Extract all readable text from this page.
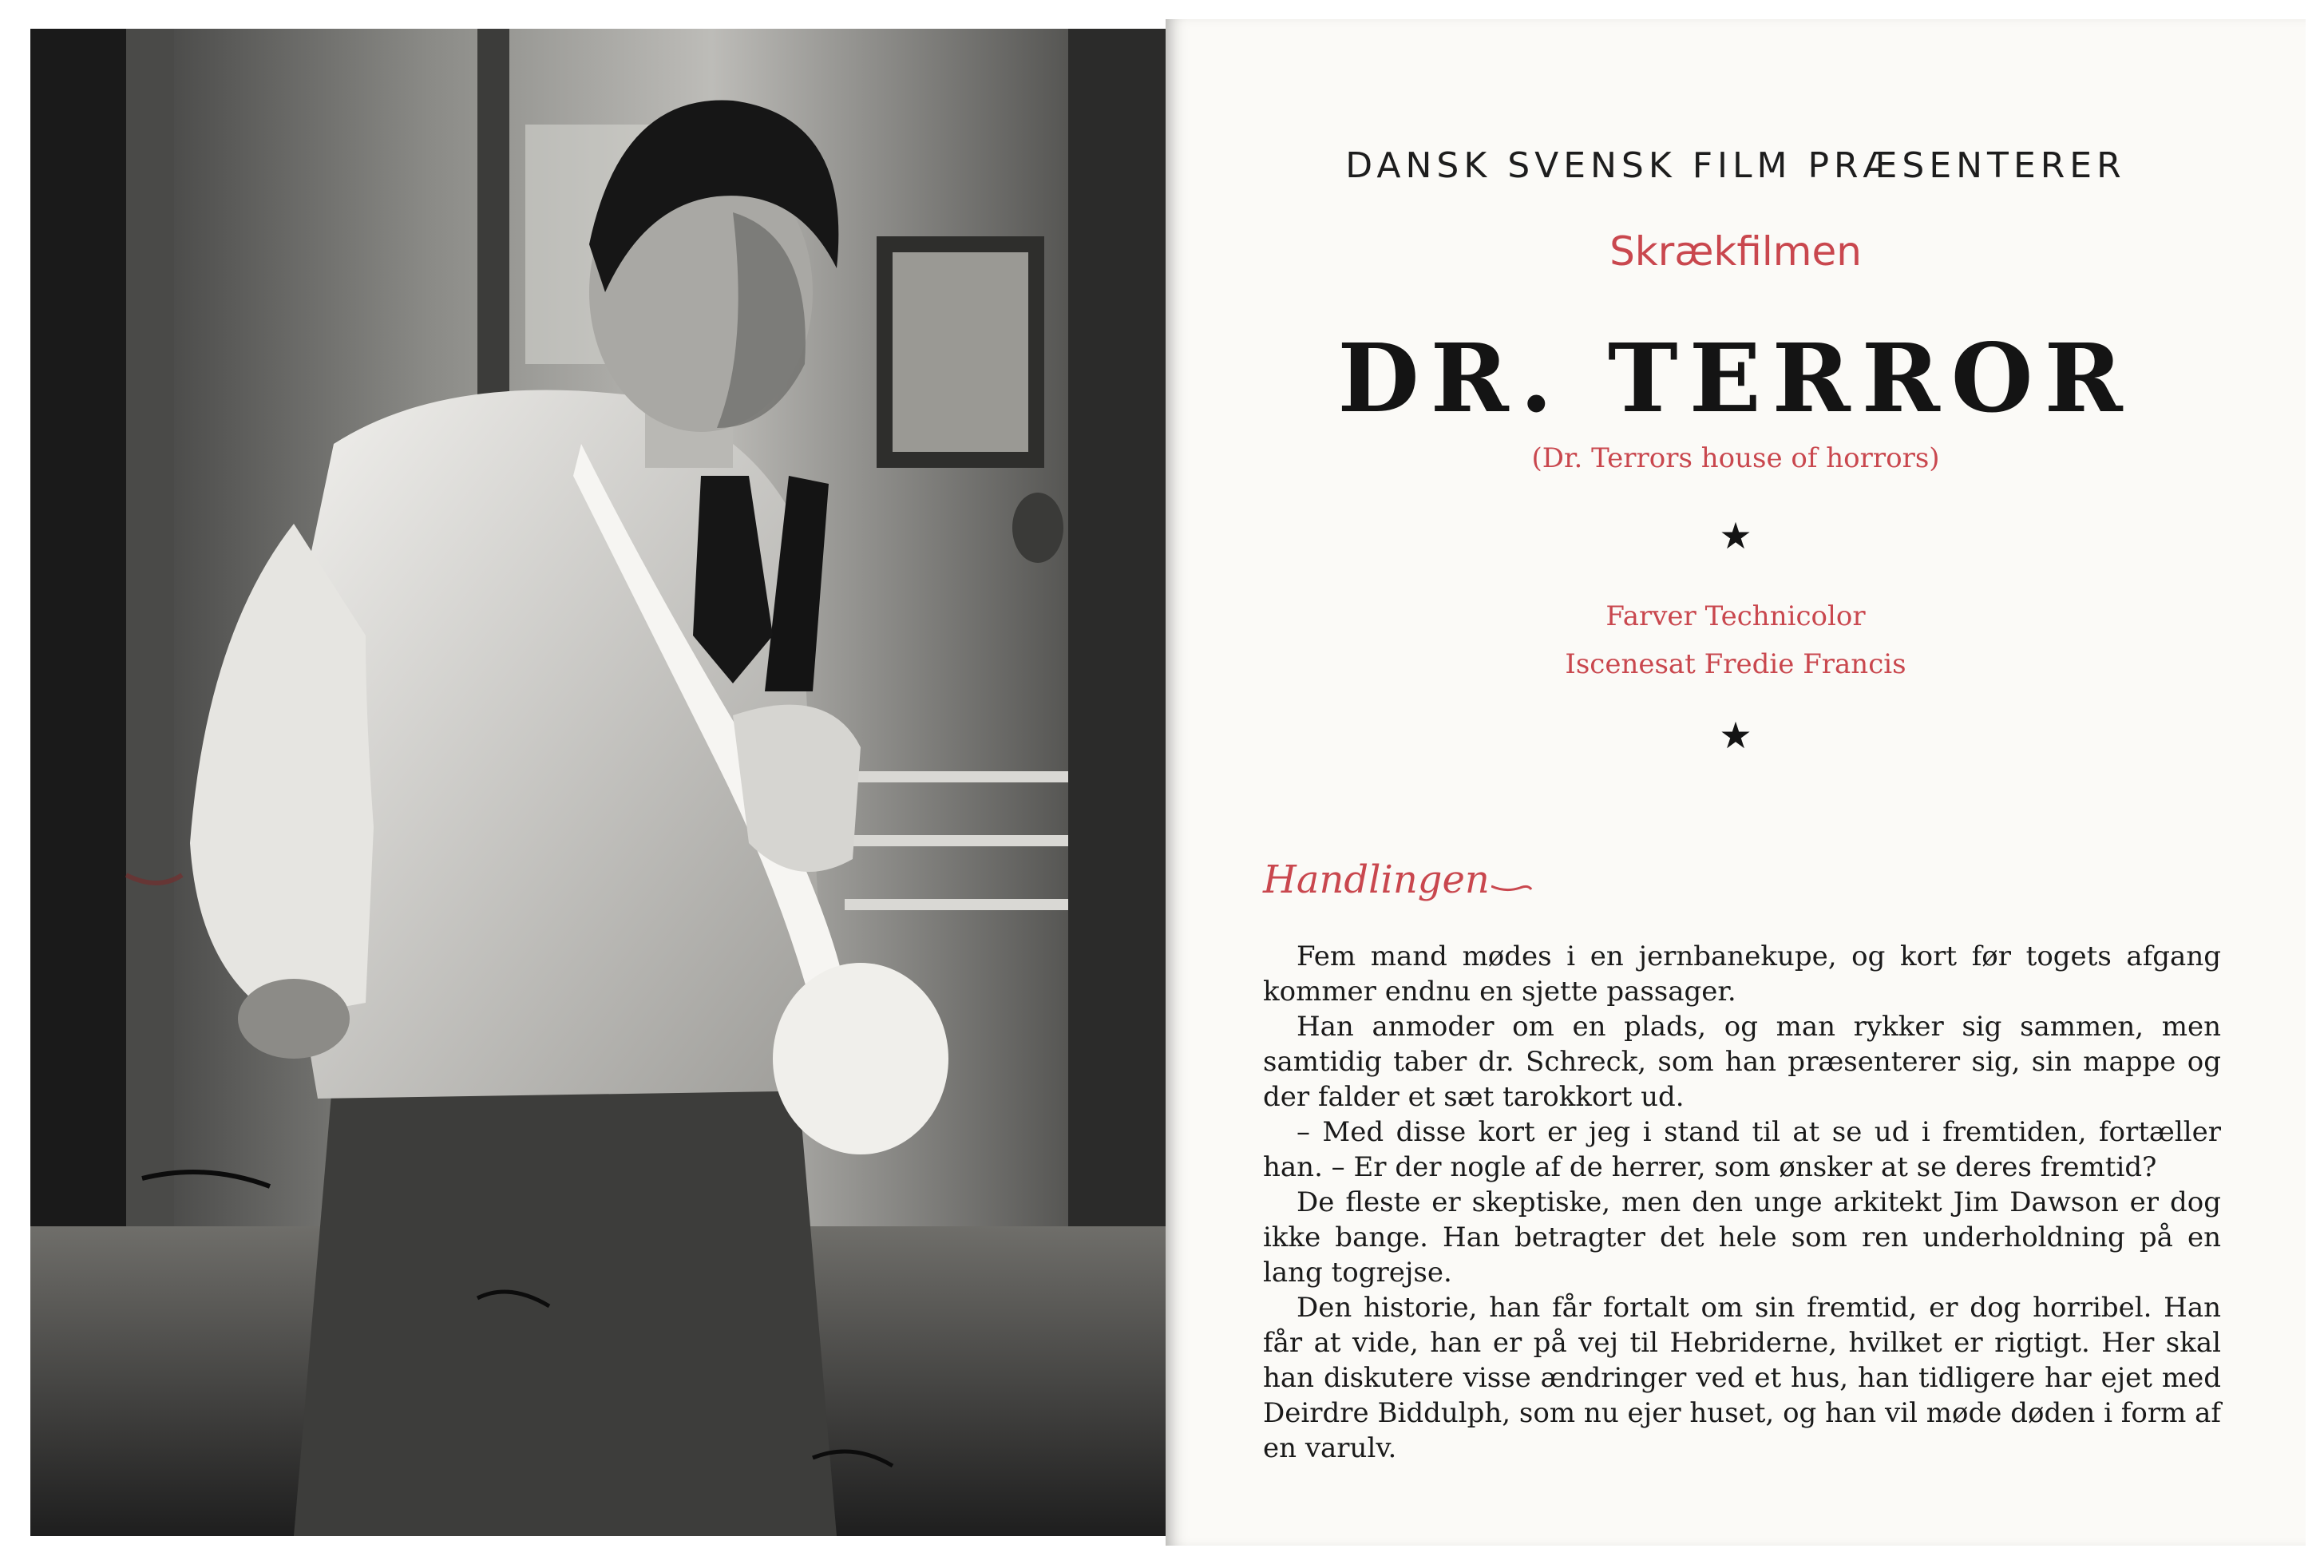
DANSK SVENSK FILM PRÆSENTERER
Skrækfilmen
DR. TERROR
(Dr. Terrors house of horrors)
★
Farver Technicolor
Iscenesat Fredie Francis
★
Handlingen

Fem mand mødes i en jernbanekupe, og kort før togets afgang kommer endnu en sjette passager.

Han anmoder om en plads, og man rykker sig sammen, men samtidig taber dr. Schreck, som han præsenterer sig, sin mappe og der falder et sæt tarokkort ud.

– Med disse kort er jeg i stand til at se ud i fremtiden, fortæller han. – Er der nogle af de herrer, som ønsker at se deres fremtid?

De fleste er skeptiske, men den unge arkitekt Jim Dawson er dog ikke bange. Han betragter det hele som ren underholdning på en lang togrejse.

Den historie, han får fortalt om sin fremtid, er dog horribel. Han får at vide, han er på vej til Hebriderne, hvilket er rigtigt. Her skal han diskutere visse ændringer ved et hus, han tidligere har ejet med Deirdre Biddulph, som nu ejer huset, og han vil møde døden i form af en varulv.
